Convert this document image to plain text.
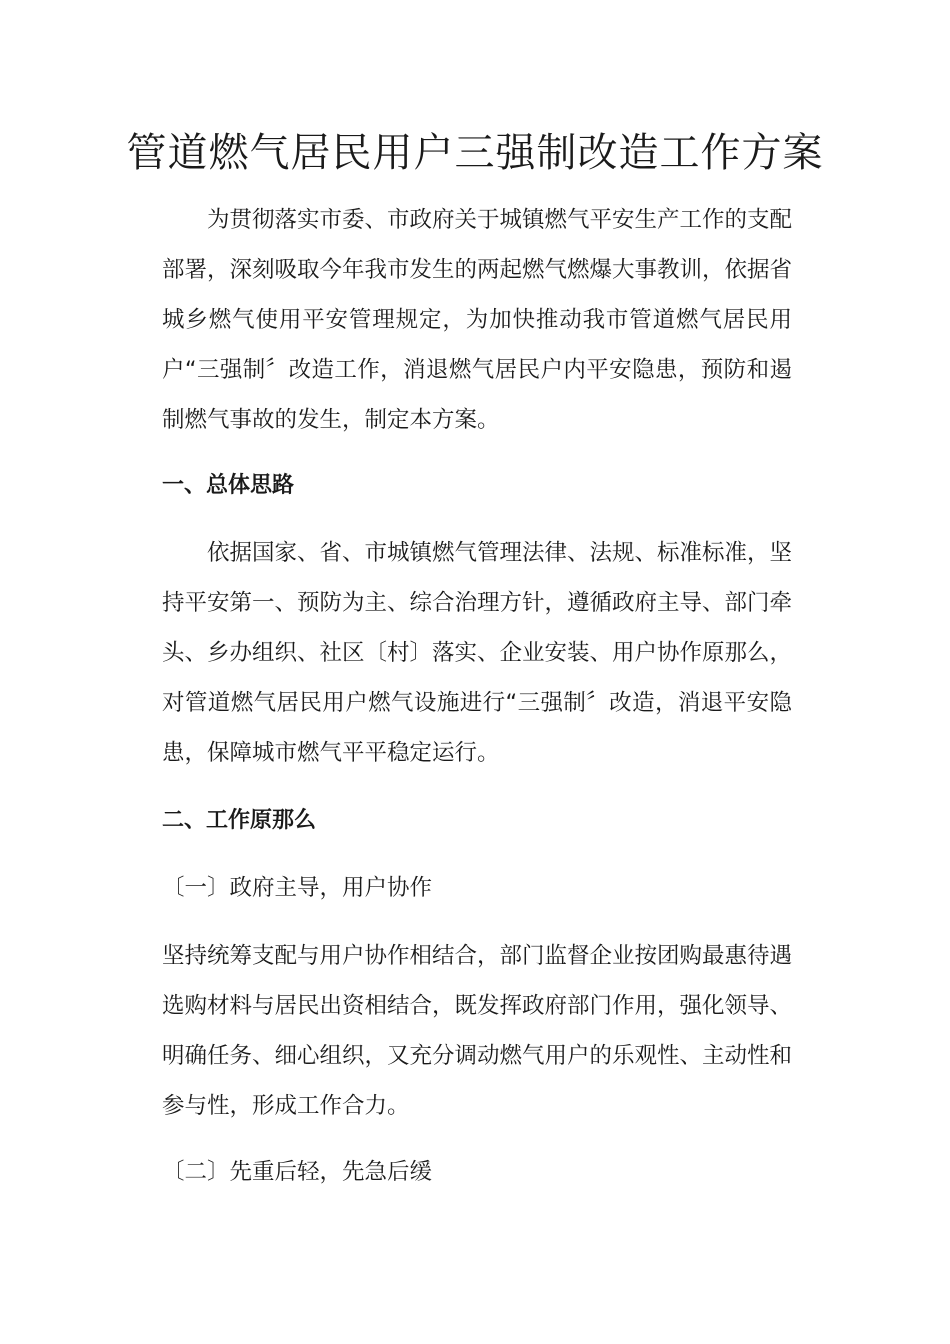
管道燃气居民用户三强制改造工作方案

为贯彻落实市委、市政府关于城镇燃气平安生产工作的支配部署，深刻吸取今年我市发生的两起燃气燃爆大事教训，依据省城乡燃气使用平安管理规定，为加快推动我市管道燃气居民用户“三强制〞改造工作，消退燃气居民户内平安隐患，预防和遏制燃气事故的发生，制定本方案。

一、总体思路

依据国家、省、市城镇燃气管理法律、法规、标准标准，坚持平安第一、预防为主、综合治理方针，遵循政府主导、部门牵头、乡办组织、社区〔村〕落实、企业安装、用户协作原那么，对管道燃气居民用户燃气设施进行“三强制〞改造，消退平安隐患，保障城市燃气平平稳定运行。

二、工作原那么
〔一〕政府主导，用户协作

坚持统筹支配与用户协作相结合，部门监督企业按团购最惠待遇选购材料与居民出资相结合，既发挥政府部门作用，强化领导、明确任务、细心组织，又充分调动燃气用户的乐观性、主动性和参与性，形成工作合力。

〔二〕先重后轻，先急后缓
